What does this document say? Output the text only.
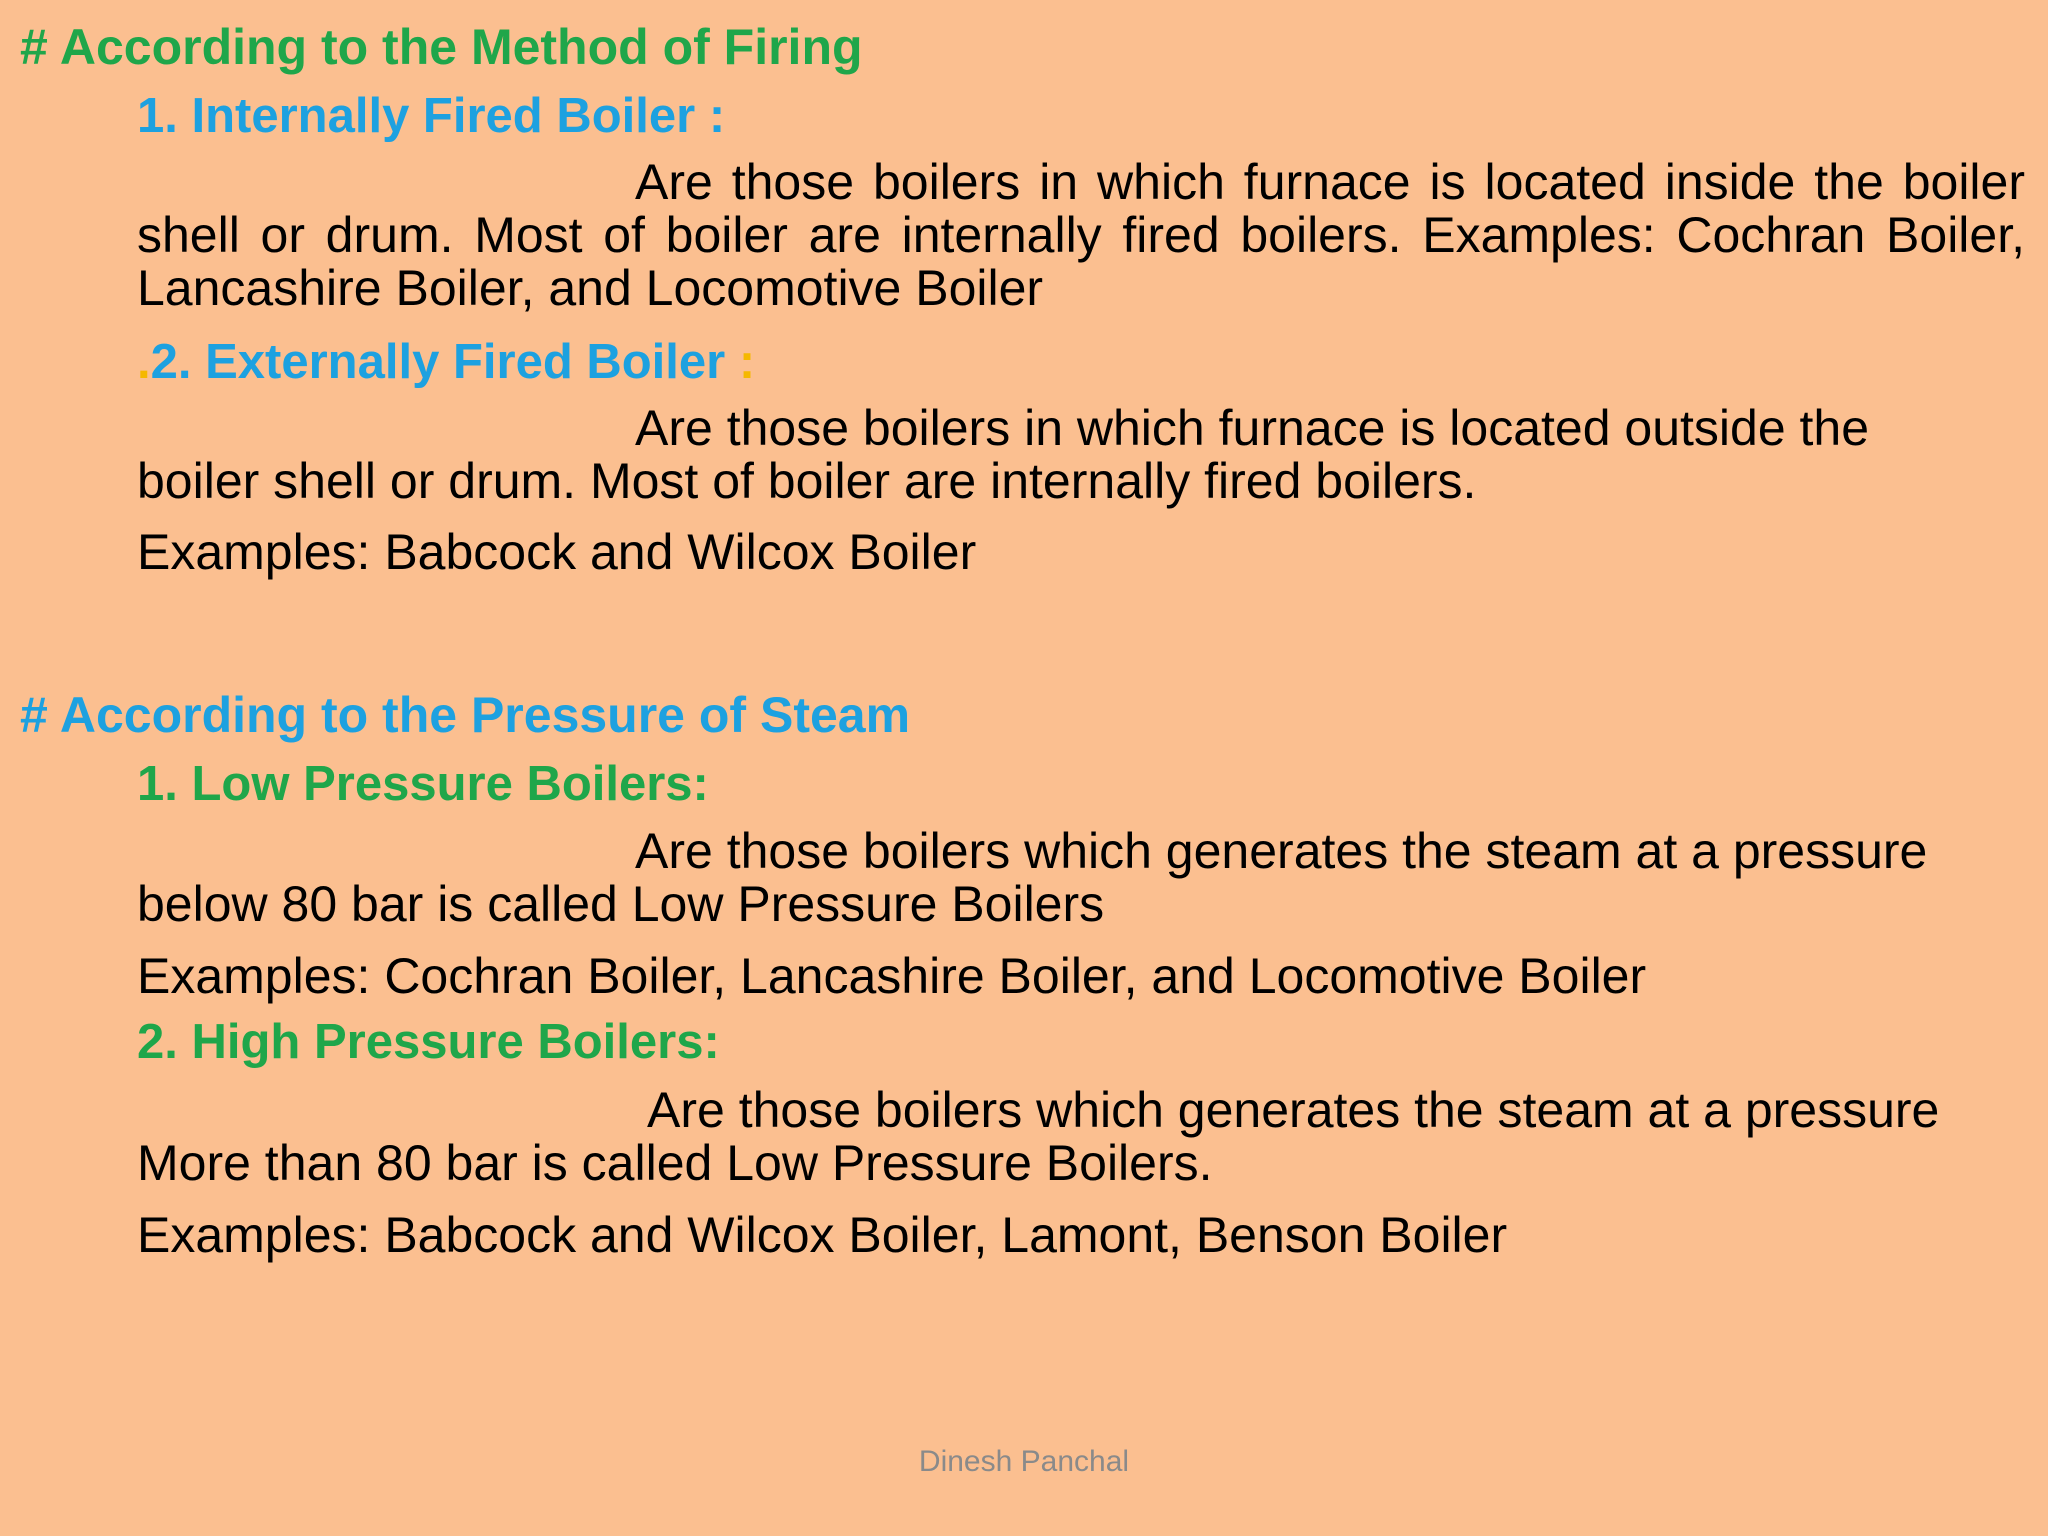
# According to the Method of Firing
1. Internally Fired Boiler :

Are those boilers in which furnace is located inside the boiler shell or drum. Most of boiler are internally fired boilers. Examples: Cochran Boiler, Lancashire Boiler, and Locomotive Boiler

.2. Externally Fired Boiler :

Are those boilers in which furnace is located outside the boiler shell or drum. Most of boiler are internally fired boilers.

Examples: Babcock and Wilcox Boiler

# According to the Pressure of Steam
1. Low Pressure Boilers:

Are those boilers which generates the steam at a pressure below 80 bar is called Low Pressure Boilers

Examples: Cochran Boiler, Lancashire Boiler, and Locomotive Boiler

2. High Pressure Boilers:

Are those boilers which generates the steam at a pressure More than 80 bar is called Low Pressure Boilers.

Examples: Babcock and Wilcox Boiler, Lamont, Benson Boiler

Dinesh Panchal
